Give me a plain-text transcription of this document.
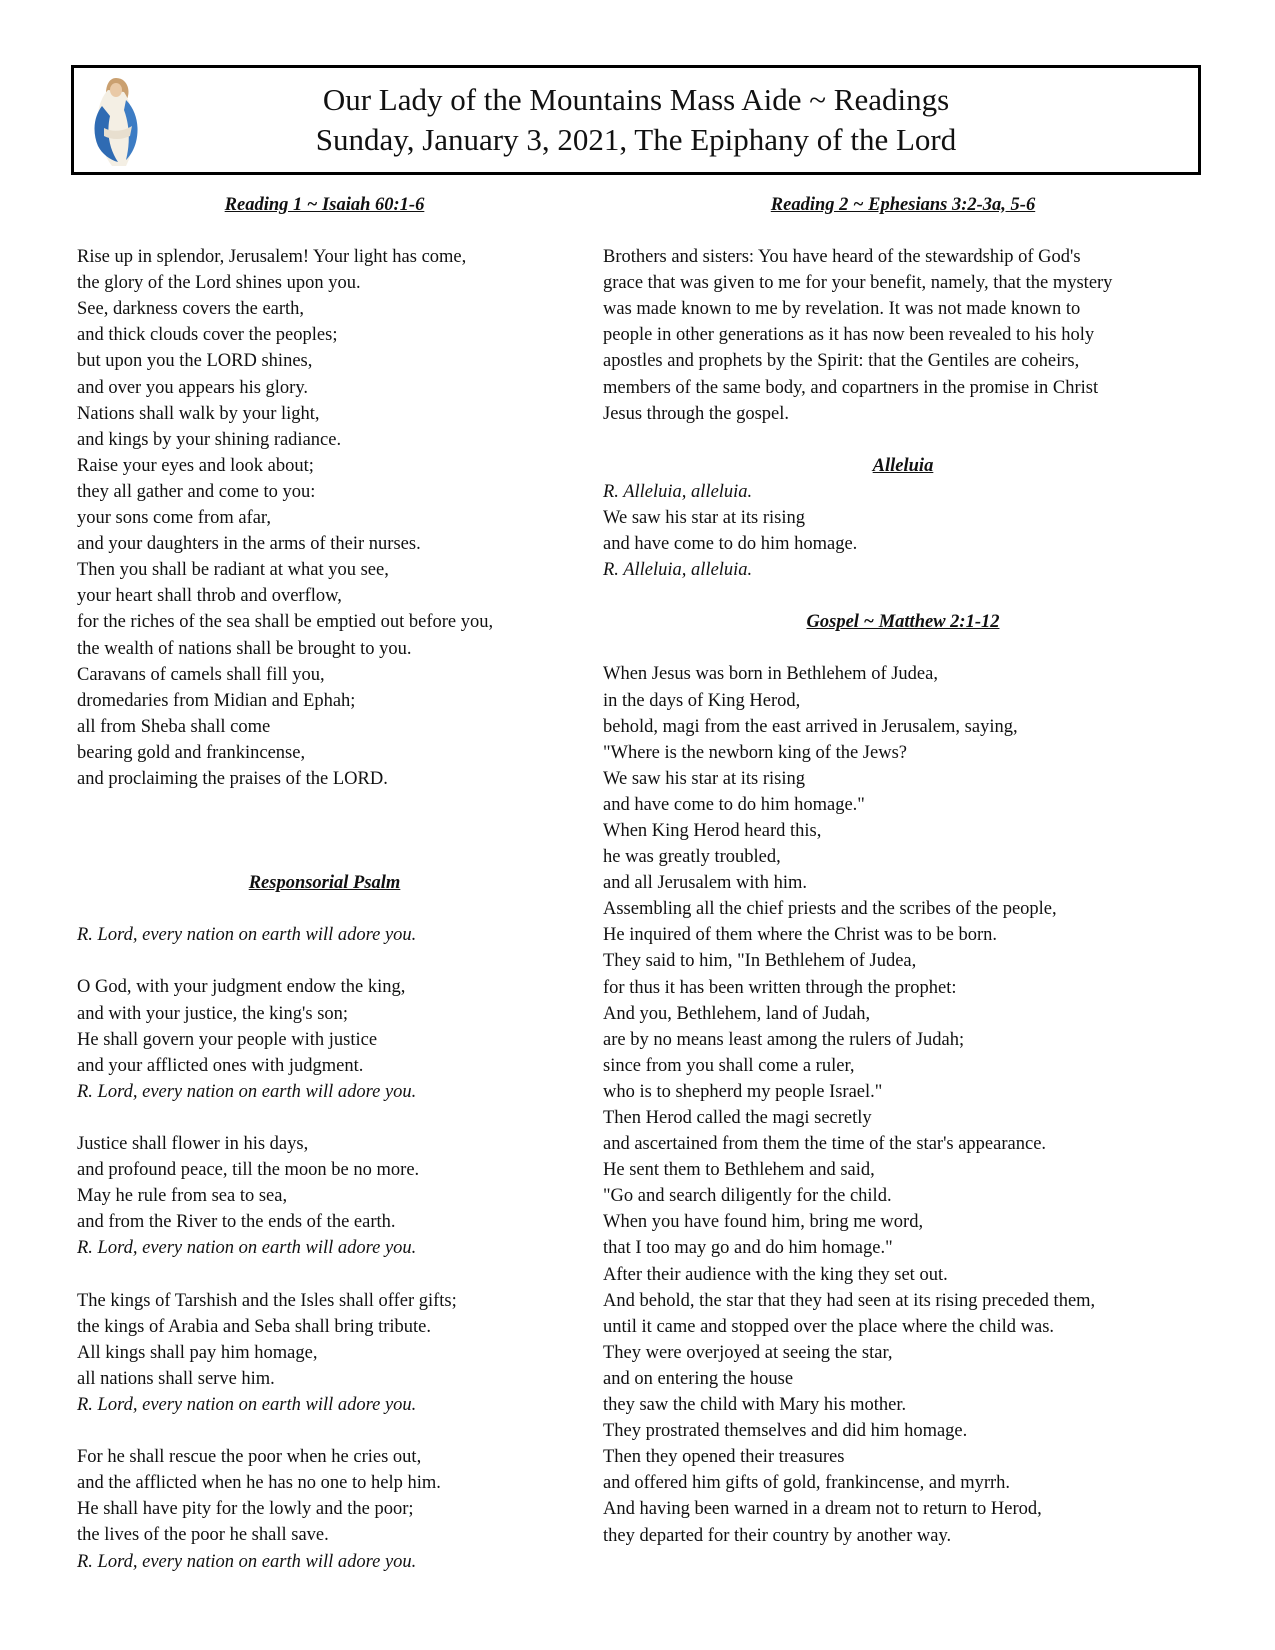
Our Lady of the Mountains Mass Aide ~ Readings
Sunday, January 3, 2021, The Epiphany of the Lord
Reading 1 ~ Isaiah 60:1-6
Rise up in splendor, Jerusalem! Your light has come,
the glory of the Lord shines upon you.
See, darkness covers the earth,
and thick clouds cover the peoples;
but upon you the LORD shines,
and over you appears his glory.
Nations shall walk by your light,
and kings by your shining radiance.
Raise your eyes and look about;
they all gather and come to you:
your sons come from afar,
and your daughters in the arms of their nurses.
Then you shall be radiant at what you see,
your heart shall throb and overflow,
for the riches of the sea shall be emptied out before you,
the wealth of nations shall be brought to you.
Caravans of camels shall fill you,
dromedaries from Midian and Ephah;
all from Sheba shall come
bearing gold and frankincense,
and proclaiming the praises of the LORD.
Responsorial Psalm
R. Lord, every nation on earth will adore you.
O God, with your judgment endow the king,
and with your justice, the king's son;
He shall govern your people with justice
and your afflicted ones with judgment.
R. Lord, every nation on earth will adore you.
Justice shall flower in his days,
and profound peace, till the moon be no more.
May he rule from sea to sea,
and from the River to the ends of the earth.
R. Lord, every nation on earth will adore you.
The kings of Tarshish and the Isles shall offer gifts;
the kings of Arabia and Seba shall bring tribute.
All kings shall pay him homage,
all nations shall serve him.
R. Lord, every nation on earth will adore you.
For he shall rescue the poor when he cries out,
and the afflicted when he has no one to help him.
He shall have pity for the lowly and the poor;
the lives of the poor he shall save.
R. Lord, every nation on earth will adore you.
Reading 2 ~ Ephesians 3:2-3a, 5-6
Brothers and sisters: You have heard of the stewardship of God's
grace that was given to me for your benefit, namely, that the mystery
was made known to me by revelation. It was not made known to
people in other generations as it has now been revealed to his holy
apostles and prophets by the Spirit: that the Gentiles are coheirs,
members of the same body, and copartners in the promise in Christ
Jesus through the gospel.
Alleluia
R. Alleluia, alleluia.
We saw his star at its rising
and have come to do him homage.
R. Alleluia, alleluia.
Gospel ~ Matthew 2:1-12
When Jesus was born in Bethlehem of Judea,
in the days of King Herod,
behold, magi from the east arrived in Jerusalem, saying,
"Where is the newborn king of the Jews?
We saw his star at its rising
and have come to do him homage."
When King Herod heard this,
he was greatly troubled,
and all Jerusalem with him.
Assembling all the chief priests and the scribes of the people,
He inquired of them where the Christ was to be born.
They said to him, "In Bethlehem of Judea,
for thus it has been written through the prophet:
And you, Bethlehem, land of Judah,
are by no means least among the rulers of Judah;
since from you shall come a ruler,
who is to shepherd my people Israel."
Then Herod called the magi secretly
and ascertained from them the time of the star's appearance.
He sent them to Bethlehem and said,
"Go and search diligently for the child.
When you have found him, bring me word,
that I too may go and do him homage."
After their audience with the king they set out.
And behold, the star that they had seen at its rising preceded them,
until it came and stopped over the place where the child was.
They were overjoyed at seeing the star,
and on entering the house
they saw the child with Mary his mother.
They prostrated themselves and did him homage.
Then they opened their treasures
and offered him gifts of gold, frankincense, and myrrh.
And having been warned in a dream not to return to Herod,
they departed for their country by another way.
